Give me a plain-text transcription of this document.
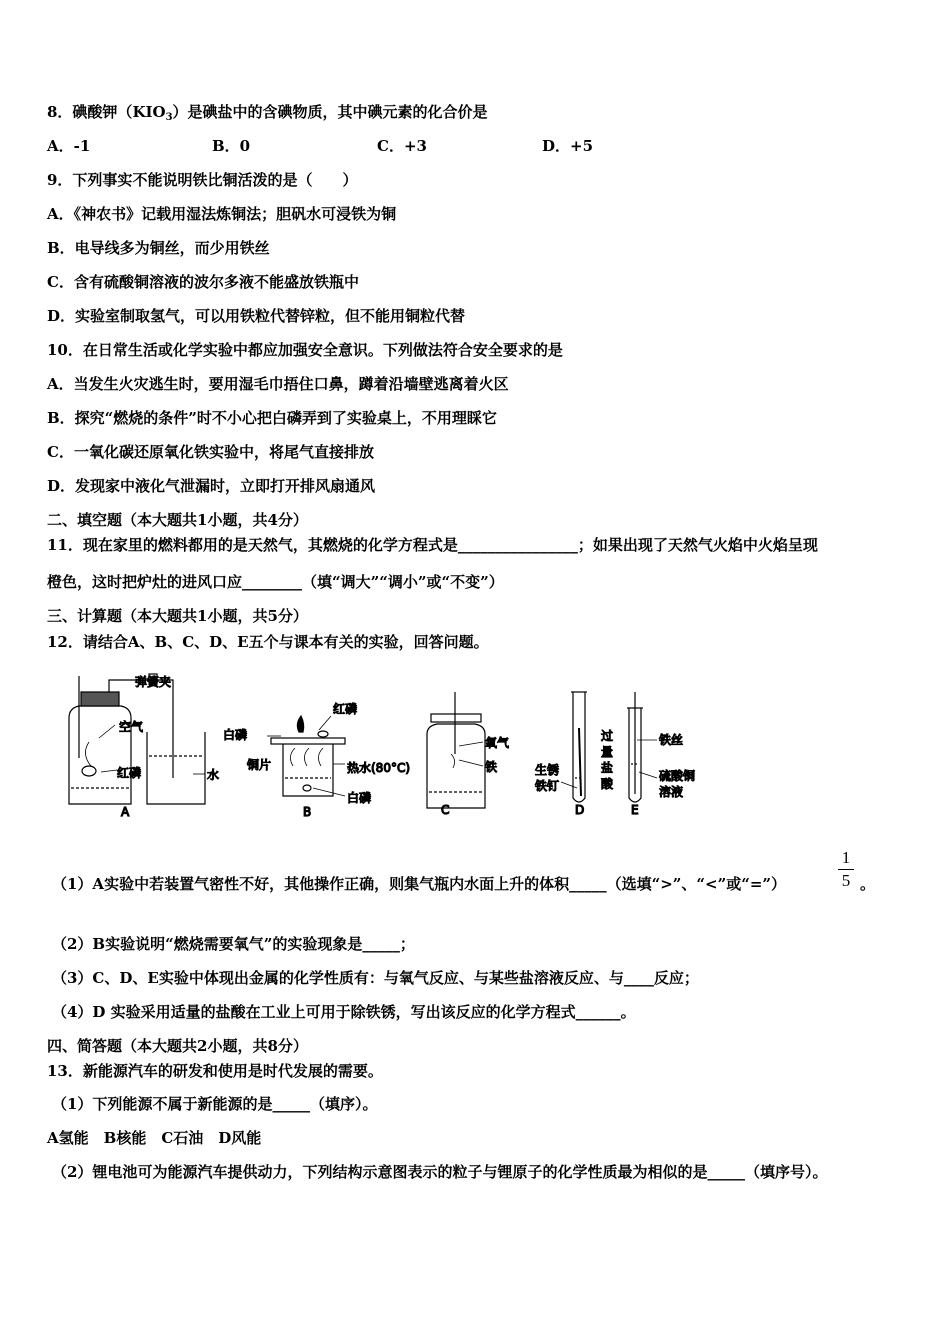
8．碘酸钾$(KIO_3)$是碘盐中的含碘物质，其中碘元素的化合价是
A．-1	B．0	C．+3	D．+5
9．下列事实不能说明铁比铜活泼的是（　　）
A．《神农书》记载用湿法炼铜法；胆矾水可浸铁为铜
B．电导线多为铜丝，而少用铁丝
C．含有硫酸铜溶液的波尔多液不能盛放铁瓶中
D．实验室制取氢气，可以用铁粒代替锌粒，但不能用铜粒代替
10．在日常生活或化学实验中都应加强安全意识。下列做法符合安全要求的是
A．当发生火灾逃生时，要用湿毛巾捂住口鼻，蹲着沿墙壁逃离着火区
B．探究“燃烧的条件”时不小心把白磷弄到了实验桌上，不用理睬它
C．一氧化碳还原氧化铁实验中，将尾气直接排放
D．发现家中液化气泄漏时，立即打开排风扇通风
二、填空题（本大题共1小题，共4分）
11．现在家里的燃料都用的是天然气，其燃烧的化学方程式是________________；如果出现了天然气火焰中火焰呈现
橙色，这时把炉灶的进风口应________（填“调大”“调小”或“不变”）
三、计算题（本大题共1小题，共5分）
12．请结合A、B、C、D、E五个与课本有关的实验，回答问题。
弹簧夹
空气
红磷	水
A
白磷
红磷
铜片	热水(80°C)
白磷
B
氧气
铁
C
生锈
铁钉
过
量
盐
酸
D
铁丝
硫酸铜
溶液
E
（1）A实验中若装置气密性不好，其他操作正确，则集气瓶内水面上升的体积_____（选填“>”、“<”或“=”）
1
5 。
（2）B实验说明“燃烧需要氧气”的实验现象是_____；
（3）C、D、E实验中体现出金属的化学性质有：与氧气反应、与某些盐溶液反应、与____反应；
（4）D 实验采用适量的盐酸在工业上可用于除铁锈，写出该反应的化学方程式______。
四、简答题（本大题共2小题，共8分）
13．新能源汽车的研发和使用是时代发展的需要。
（1）下列能源不属于新能源的是_____（填序）。
A氢能　B核能　C石油　D风能
（2）锂电池可为能源汽车提供动力，下列结构示意图表示的粒子与锂原子的化学性质最为相似的是_____（填序号）。
